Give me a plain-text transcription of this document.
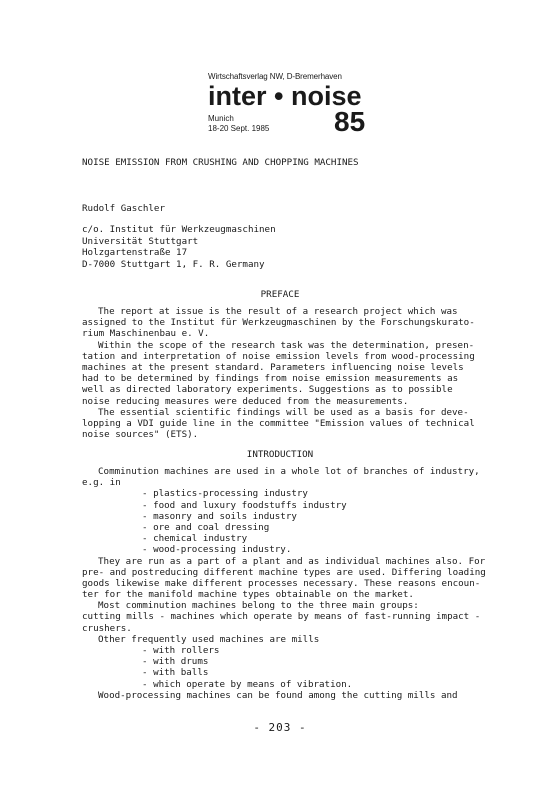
Wirtschaftsverlag NW, D-Bremerhaven
inter • noise
Munich
18-20 Sept. 1985 85
NOISE EMISSION FROM CRUSHING AND CHOPPING MACHINES
Rudolf Gaschler
c/o. Institut für Werkzeugmaschinen
Universität Stuttgart
Holzgartenstraße 17
D-7000 Stuttgart 1, F. R. Germany
PREFACE
The report at issue is the result of a research project which was
assigned to the Institut für Werkzeugmaschinen by the Forschungskurato-
rium Maschinenbau e. V.
Within the scope of the research task was the determination, presen-
tation and interpretation of noise emission levels from wood-processing
machines at the present standard. Parameters influencing noise levels
had to be determined by findings from noise emission measurements as
well as directed laboratory experiments. Suggestions as to possible
noise reducing measures were deduced from the measurements.
The essential scientific findings will be used as a basis for deve-
lopping a VDI guide line in the committee "Emission values of technical
noise sources" (ETS).
INTRODUCTION
Comminution machines are used in a whole lot of branches of industry,
e.g. in
- plastics-processing industry
- food and luxury foodstuffs industry
- masonry and soils industry
- ore and coal dressing
- chemical industry
- wood-processing industry.
They are run as a part of a plant and as individual machines also. For
pre- and postreducing different machine types are used. Differing loading
goods likewise make different processes necessary. These reasons encoun-
ter for the manifold machine types obtainable on the market.
Most comminution machines belong to the three main groups:
cutting mills - machines which operate by means of fast-running impact -
crushers.
Other frequently used machines are mills
- with rollers
- with drums
- with balls
- which operate by means of vibration.
Wood-processing machines can be found among the cutting mills and
- 203 -
